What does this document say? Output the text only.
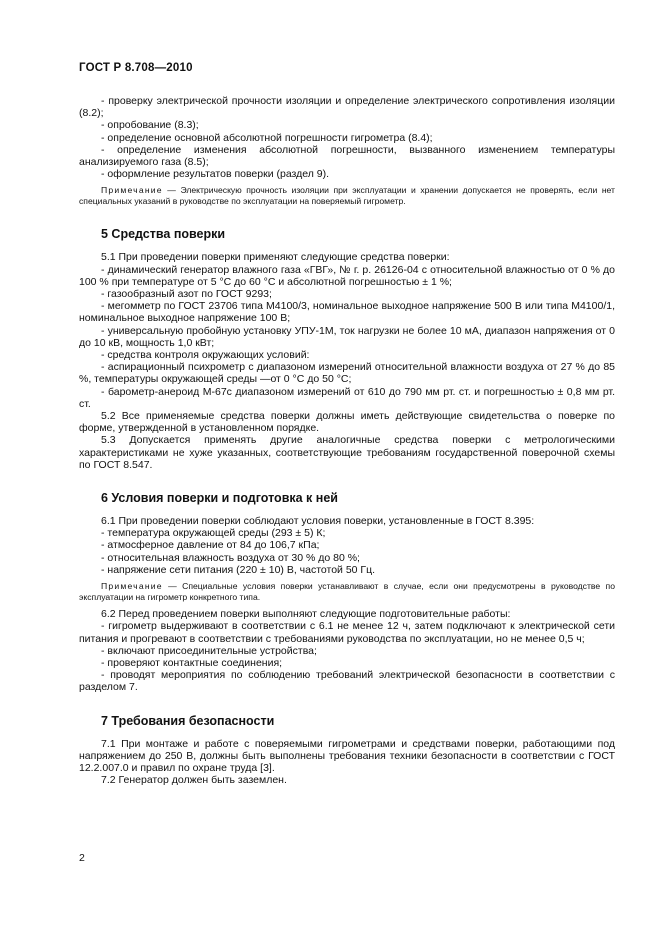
ГОСТ Р 8.708—2010

- проверку электрической прочности изоляции и определение электрического сопротивления изоляции (8.2);

- опробование (8.3);

- определение основной абсолютной погрешности гигрометра (8.4);

- определение изменения абсолютной погрешности, вызванного изменением температуры анализируемого газа (8.5);

- оформление результатов поверки (раздел 9).

Примечание — Электрическую прочность изоляции при эксплуатации и хранении допускается не проверять, если нет специальных указаний в руководстве по эксплуатации на поверяемый гигрометр.

5 Средства поверки

5.1 При проведении поверки применяют следующие средства поверки:

- динамический генератор влажного газа «ГВГ», № г. р. 26126-04 с относительной влажностью от 0 % до 100 % при температуре от 5 °С до 60 °С и абсолютной погрешностью ± 1 %;

- газообразный азот по ГОСТ 9293;

- мегомметр по ГОСТ 23706 типа М4100/3, номинальное выходное напряжение 500 В или типа М4100/1, номинальное выходное напряжение 100 В;

- универсальную пробойную установку УПУ-1М, ток нагрузки не более 10 мА, диапазон напряжения от 0 до 10 кВ, мощность 1,0 кВт;

- средства контроля окружающих условий:

- аспирационный психрометр с диапазоном измерений относительной влажности воздуха от 27 % до 85 %, температуры окружающей среды —от 0 °С до 50 °С;

- барометр-анероид М-67с диапазоном измерений от 610 до 790 мм рт. ст. и погрешностью ± 0,8 мм рт. ст.

5.2 Все применяемые средства поверки должны иметь действующие свидетельства о поверке по форме, утвержденной в установленном порядке.

5.3 Допускается применять другие аналогичные средства поверки с метрологическими характеристиками не хуже указанных, соответствующие требованиям государственной поверочной схемы по ГОСТ 8.547.

6 Условия поверки и подготовка к ней

6.1 При проведении поверки соблюдают условия поверки, установленные в ГОСТ 8.395:

- температура окружающей среды (293 ± 5) К;

- атмосферное давление от 84 до 106,7 кПа;

- относительная влажность воздуха от 30 % до 80 %;

- напряжение сети питания (220 ± 10) В, частотой 50 Гц.

Примечание — Специальные условия поверки устанавливают в случае, если они предусмотрены в руководстве по эксплуатации на гигрометр конкретного типа.

6.2 Перед проведением поверки выполняют следующие подготовительные работы:

- гигрометр выдерживают в соответствии с 6.1 не менее 12 ч, затем подключают к электрической сети питания и прогревают в соответствии с требованиями руководства по эксплуатации, но не менее 0,5 ч;

- включают присоединительные устройства;

- проверяют контактные соединения;

- проводят мероприятия по соблюдению требований электрической безопасности в соответствии с разделом 7.

7 Требования безопасности

7.1 При монтаже и работе с поверяемыми гигрометрами и средствами поверки, работающими под напряжением до 250 В, должны быть выполнены требования техники безопасности в соответствии с ГОСТ 12.2.007.0 и правил по охране труда [3].

7.2 Генератор должен быть заземлен.

2
